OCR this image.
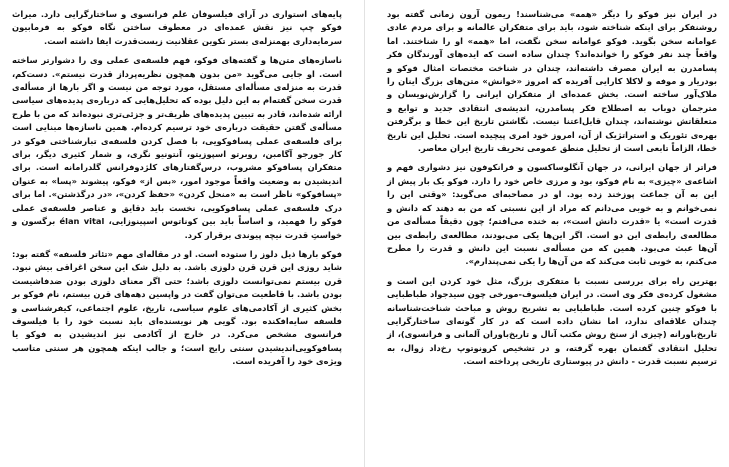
پایه‌های استواری در آرای فیلسوفان علم فرانسوی و ساختارگرایی دارد. میراث فوکو چپ نیز نقش عمده‌ای در معطوف ساختن نگاه فوکو به فرمابیون سرمایه‌داری بهمنزله‌ی بستر تکوین عقلانیت زیست‌قدرت ایفا داشته است.

ناسازه‌های متن‌ها و گفته‌های فوکو، فهم فلسفه‌ی عملی وی را دشوارتر ساخته است. او جایی می‌گوید «من بدون همچون نظریه‌پرداز قدرت نیستم». دست‌کم، قدرت به منزله‌ی مسأله‌ای مستقل، مورد توجه من نیست و اگر بارها از مسأله‌ی قدرت سخن گفته‌ام به این دلیل بوده که تحلیل‌هایی که درباره‌ی پدیده‌های سیاسی ارائه شده‌اند، قادر به تبیین پدیده‌های ظریف‌تر و جزئی‌تری نبوده‌اند که من با طرح مسأله‌ی گفتن حقیقت درباره‌ی خود ترسیم کرده‌ام. همین ناسازه‌ها مبنایی است برای فلسفه‌ی عملی پسافوکویی، با فصل کردن فلسفه‌ی تبارشناختی فوکو در کار جورجو آگامبن، روبرتو اسپوزیتو، آنتونیو نگری، و شمار کثیری دیگر، برای متفکران پسافوکو مشروب، درس‌گفتارهای کلژدوفرانس گلدرامانه است. برای اندیشیدن به وضعیت واقعاً موجود امور، «بس از» فوکو، پیشوند «پسا» به عنوان «پسافوکو» ناظر است به «منحل کردن» «حفظ کردن»، «در درگذشتن». اما برای درک فلسفه‌ی عملی پسافوکویی، نخست باید دقایق و عناصر فلسفه‌ی عملی فوکو را فهمید، و اساساً باید بین کوناتوس اسپینوزایی، élan vital برگسون و خواستِ قدرت نیچه پیوندی برقرار کرد.

فوکو بارها ذیل دلوز را ستوده است. او در مقاله‌ای مهم «تئاتر فلسفه» گفته بود: شاید روزی این قرن قرن دلوزی باشد. به دلیل شک این سخن اغراقی بیش نبود. قرن بیستم نمی‌توانست دلوزی باشد؛ حتی اگر معنای دلوزی بودن ضدفاشیست بودن باشد. با قاطعیت می‌توان گفت در واپسین دهه‌های قرن بیستم، نام فوکو بر بخش کثیری از آکادمی‌های علوم سیاسی، تاریخ، علوم اجتماعی، کیفرشناسی و فلسفه سایه‌افکنده بود. گویی هر نویسنده‌ای باید نسبت خود را با فیلسوف فرانسوی مشخص می‌کرد. در خارج از آکادمی نیز اندیشیدن به فوکو یا پسافوکویی‌اندیشیدن سنتی رایج است؛ و جالب اینکه همچون هر سنتی متاسب ویژه‌ی خود را آفریده است.

در ایران نیز فوکو را دیگر «همه» می‌شناسند! ریمون آرون زمانی گفته بود روشنفکر برای اینکه شناخته شود، باید برای متفکران عالمانه و برای مردم عادی عوامانه سخن بگوید. فوکو عوامانه سخن نگفت، اما «همه» او را شناختند. اما واقعاً چند نفر فوکو را خوانده‌اند؟ چندان ساده است که ایده‌های آورندگان فکر پسامدرن به ایران مصرف داشته‌اند، چندان در شناخت مختصات امثال فوکو و بودریار و موفه و لاکلا کارایی آفریده که امروز «خوانش» متن‌های بزرگ اینان را ملاک‌آور ساخته است. بخش عمده‌ای از متفکران ایرانی را گزارش‌نویسان و مترجمان دوباب به اصطلاح فکر پسامدرن، اندیشه‌ی انتقادی جدید و توابع و متعلقاتش نوشته‌اند، چندان قابل‌اعتنا نیست. نگاشتن تاریخ این خطا و برگرفتن بهره‌ی تئوریک و استراتژیک از آن، امروز خود امری پیچیده است. تحلیل این تاریخ خطا، الزاماً تابعی است از تحلیل منطق عمومی تحریف تاریخ ایران معاصر.

فراتر از جهان ایرانی، در جهان آنگلوساکسون و فرانکوفون نیز دشواری فهم و اشاعه‌ی «چیزی» به نام فوکو، بود و مرزی خاص خود را دارد. فوکو یک بار پیش از این به آن جماعت پوزخند زده بود. او در مصاحبه‌ای می‌گوید: «وقتی این را نمی‌خوانم و به خوبی می‌دانم که مراد از این نسبتی که من به دهند که دانش و قدرت است» یا «قدرت دانش است»، به خنده می‌افتم؛ چون دقیقاً مسأله‌ی من مطالعه‌ی رابطه‌ی این دو است. اگر این‌ها یکی می‌بودند، مطالعه‌ی رابطه‌ی بین آن‌ها عبث می‌بود. همین که من مسأله‌ی نسبت این دانش و قدرت را مطرح می‌کنم، به خوبی ثابت می‌کند که من آن‌ها را یکی نمی‌پندارم».

بهترین راه برای بررسی نسبت با متفکری بزرگ، مثل خود کردن این است و مشغول کرده‌ی فکر وی است. در ایران فیلسوف-مورخی چون سیدجواد طباطبایی با فوکو چنین کرده است. طباطبایی به تشریح روش و مباحث شناخت‌شناسانه چندان علاقه‌ای ندارد، اما نشان داده است که در کار گونه‌ای ساختارگرایی تاریخ‌باورانه (چیزی از سنخ روش مکتب آنال و تاریخ‌باوران آلمانی و فرانسوی)، از تحلیل انتقادی گفتمان بهره گرفته، و در تشخیص کرونوتوپ رخ‌داد زوال، به ترسیم نسبت قدرت - دانش در پیوستاری تاریخی پرداخته است.
